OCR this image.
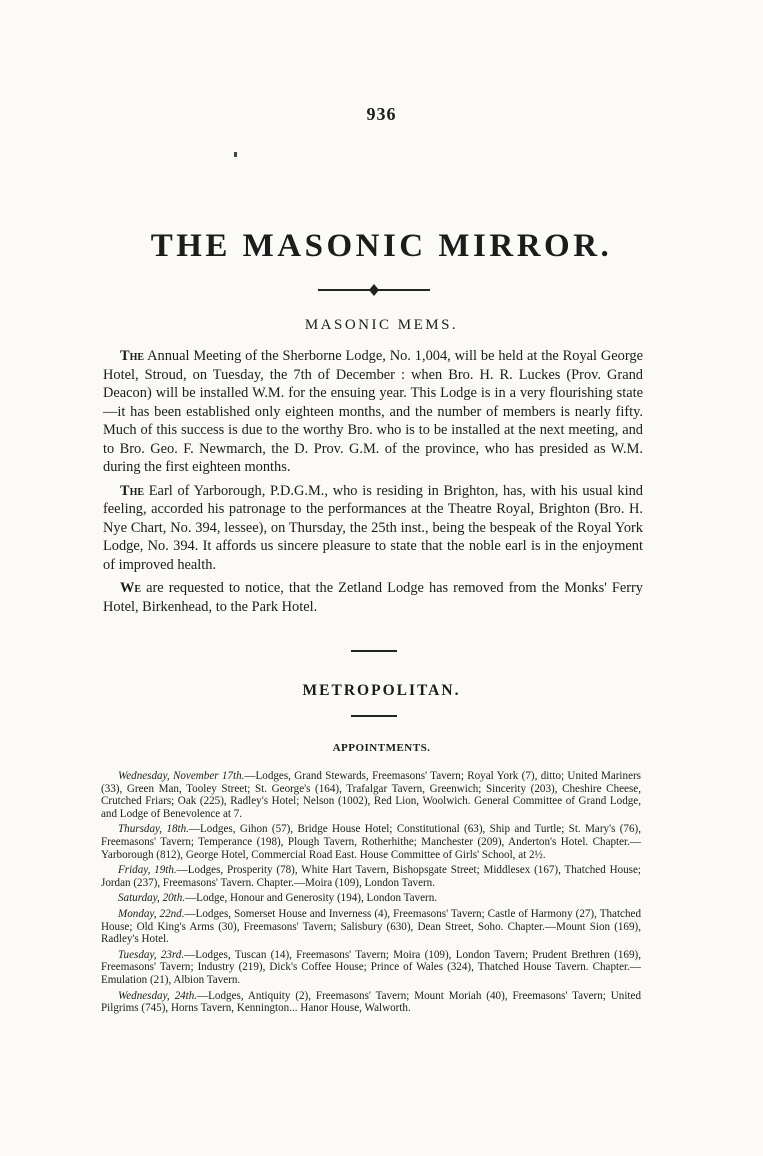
936
THE MASONIC MIRROR.
MASONIC MEMS.

The Annual Meeting of the Sherborne Lodge, No. 1,004, will be held at the Royal George Hotel, Stroud, on Tuesday, the 7th of December : when Bro. H. R. Luckes (Prov. Grand Deacon) will be installed W.M. for the ensuing year. This Lodge is in a very flourishing state—it has been established only eighteen months, and the number of members is nearly fifty. Much of this success is due to the worthy Bro. who is to be installed at the next meeting, and to Bro. Geo. F. Newmarch, the D. Prov. G.M. of the province, who has presided as W.M. during the first eighteen months.

The Earl of Yarborough, P.D.G.M., who is residing in Brighton, has, with his usual kind feeling, accorded his patronage to the performances at the Theatre Royal, Brighton (Bro. H. Nye Chart, No. 394, lessee), on Thursday, the 25th inst., being the bespeak of the Royal York Lodge, No. 394. It affords us sincere pleasure to state that the noble earl is in the enjoyment of improved health.

We are requested to notice, that the Zetland Lodge has removed from the Monks' Ferry Hotel, Birkenhead, to the Park Hotel.

METROPOLITAN.
APPOINTMENTS.

Wednesday, November 17th.—Lodges, Grand Stewards, Freemasons' Tavern; Royal York (7), ditto; United Mariners (33), Green Man, Tooley Street; St. George's (164), Trafalgar Tavern, Greenwich; Sincerity (203), Cheshire Cheese, Crutched Friars; Oak (225), Radley's Hotel; Nelson (1002), Red Lion, Woolwich. General Committee of Grand Lodge, and Lodge of Benevolence at 7.

Thursday, 18th.—Lodges, Gihon (57), Bridge House Hotel; Constitutional (63), Ship and Turtle; St. Mary's (76), Freemasons' Tavern; Temperance (198), Plough Tavern, Rotherhithe; Manchester (209), Anderton's Hotel. Chapter.—Yarborough (812), George Hotel, Commercial Road East. House Committee of Girls' School, at 2½.

Friday, 19th.—Lodges, Prosperity (78), White Hart Tavern, Bishopsgate Street; Middlesex (167), Thatched House; Jordan (237), Freemasons' Tavern. Chapter.—Moira (109), London Tavern.

Saturday, 20th.—Lodge, Honour and Generosity (194), London Tavern.

Monday, 22nd.—Lodges, Somerset House and Inverness (4), Freemasons' Tavern; Castle of Harmony (27), Thatched House; Old King's Arms (30), Freemasons' Tavern; Salisbury (630), Dean Street, Soho. Chapter.—Mount Sion (169), Radley's Hotel.

Tuesday, 23rd.—Lodges, Tuscan (14), Freemasons' Tavern; Moira (109), London Tavern; Prudent Brethren (169), Freemasons' Tavern; Industry (219), Dick's Coffee House; Prince of Wales (324), Thatched House Tavern. Chapter.—Emulation (21), Albion Tavern.

Wednesday, 24th.—Lodges, Antiquity (2), Freemasons' Tavern; Mount Moriah (40), Freemasons' Tavern; United Pilgrims (745), Horns Tavern, Kennington... Hanor House, Walworth.
